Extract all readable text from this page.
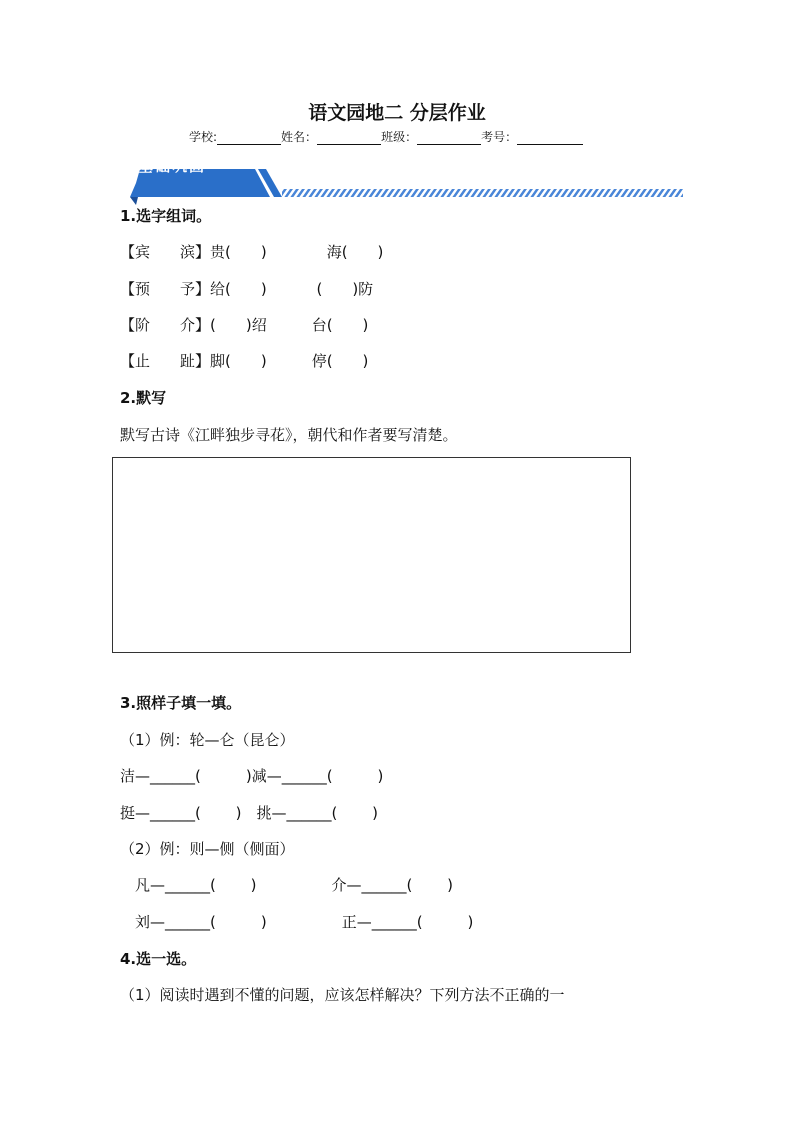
语文园地二 分层作业
学校:	姓名：	班级：	考号：

基础巩固

1.选字组词。
【宾　　滨】贵(　　)　　　　海(　　)
【预　　予】给(　　)　　　 (　　)防
【阶　　介】(　　)绍　　　台(　　)
【止　　趾】脚(　　)　　　停(　　)
2.默写
默写古诗《江畔独步寻花》，朝代和作者要写清楚。
3.照样子填一填。
（1）例：轮—仑（昆仑）
洁—______(　　　)减—______(　　　)
挺—______(　　 )　挑—______(　　 )
（2）例：则—侧（侧面）
　凡—______(　　 )　　　　　介—______(　　 )
　刘—______(　　　)　　　　　正—______(　　　)
4.选一选。
（1）阅读时遇到不懂的问题，应该怎样解决？下列方法不正确的一
